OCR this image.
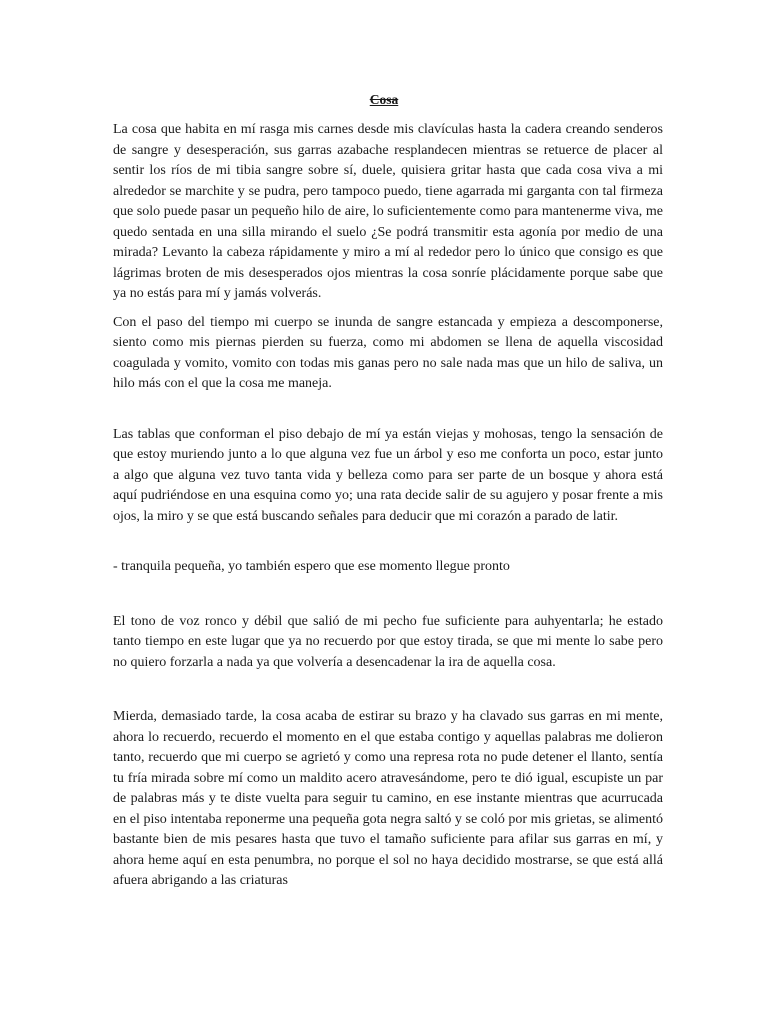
Cosa

La cosa que habita en mí rasga mis carnes desde mis clavículas hasta la cadera creando senderos de sangre y desesperación, sus garras azabache resplandecen mientras se retuerce de placer al sentir los ríos de mi tibia sangre sobre sí, duele, quisiera gritar hasta que cada cosa viva a mi alrededor se marchite y se pudra, pero tampoco puedo, tiene agarrada mi garganta con tal firmeza que solo puede pasar un pequeño hilo de aire, lo suficientemente como para mantenerme viva, me quedo sentada en una silla mirando el suelo ¿Se podrá transmitir esta agonía por medio de una mirada? Levanto la cabeza rápidamente y miro a mí al rededor pero lo único que consigo es que lágrimas broten de mis desesperados ojos mientras la cosa sonríe plácidamente porque sabe que ya no estás para mí y jamás volverás.

Con el paso del tiempo mi cuerpo se inunda de sangre estancada y empieza a descomponerse, siento como mis piernas pierden su fuerza, como mi abdomen se llena de aquella viscosidad coagulada y vomito, vomito con todas mis ganas pero no sale nada mas que un hilo de saliva, un hilo más con el que la cosa me maneja.

Las tablas que conforman el piso debajo de mí ya están viejas y mohosas, tengo la sensación de que estoy muriendo junto a lo que alguna vez fue un árbol y eso me conforta un poco, estar junto a algo que alguna vez tuvo tanta vida y belleza como para ser parte de un bosque y ahora está aquí pudriéndose en una esquina como yo; una rata decide salir de su agujero y posar frente a mis ojos, la miro y se que está buscando señales para deducir que mi corazón a parado de latir.

- tranquila pequeña, yo también espero que ese momento llegue pronto

El tono de voz ronco y débil que salió de mi pecho fue suficiente para auhyentarla; he estado tanto tiempo en este lugar que ya no recuerdo por que estoy tirada, se que mi mente lo sabe pero no quiero forzarla a nada ya que volvería a desencadenar la ira de aquella cosa.

Mierda, demasiado tarde, la cosa acaba de estirar su brazo y ha clavado sus garras en mi mente, ahora lo recuerdo, recuerdo el momento en el que estaba contigo y aquellas palabras me dolieron tanto, recuerdo que mi cuerpo se agrietó y como una represa rota no pude detener el llanto, sentía tu fría mirada sobre mí como un maldito acero atravesándome, pero te dió igual, escupiste un par de palabras más y te diste vuelta para seguir tu camino, en ese instante mientras que acurrucada en el piso intentaba reponerme una pequeña gota negra saltó y se coló por mis grietas, se alimentó bastante bien de mis pesares hasta que tuvo el tamaño suficiente para afilar sus garras en mí, y ahora heme aquí en esta penumbra, no porque el sol no haya decidido mostrarse, se que está allá afuera abrigando a las criaturas
